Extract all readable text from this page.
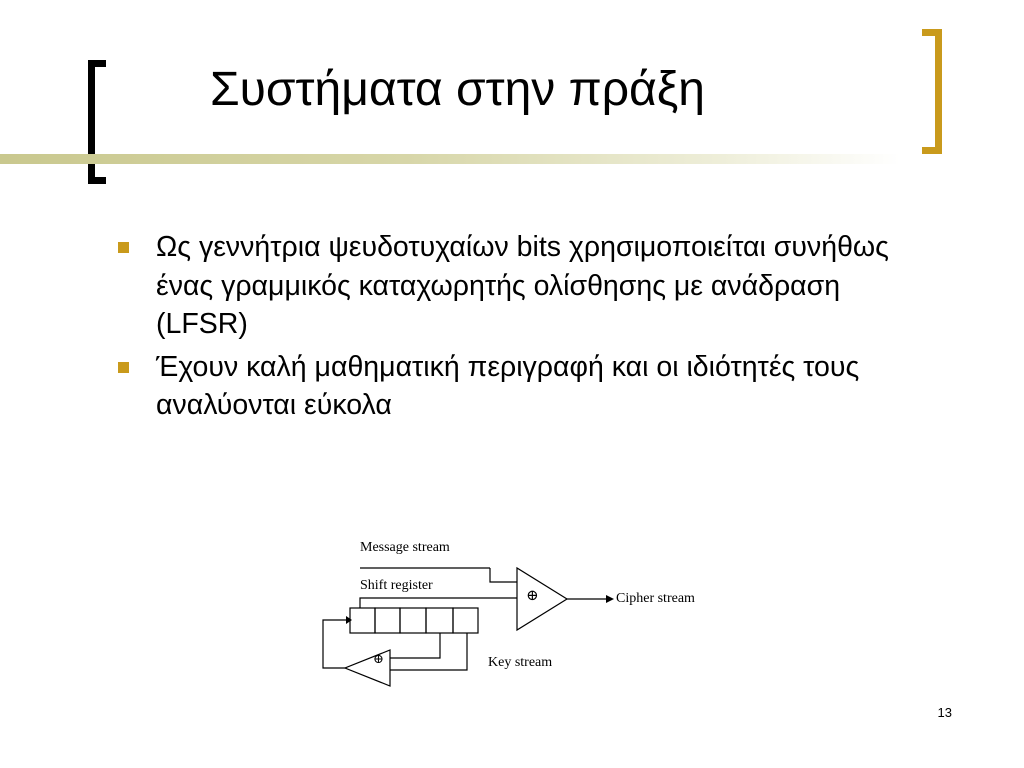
Συστήματα στην πράξη
Ως γεννήτρια ψευδοτυχαίων bits χρησιμοποιείται συνήθως ένας γραμμικός καταχωρητής ολίσθησης με ανάδραση (LFSR)
Έχουν καλή μαθηματική περιγραφή και οι ιδιότητές τους αναλύονται εύκολα
Message stream
Shift register
Cipher stream
Key stream
⊕
⊕
13
